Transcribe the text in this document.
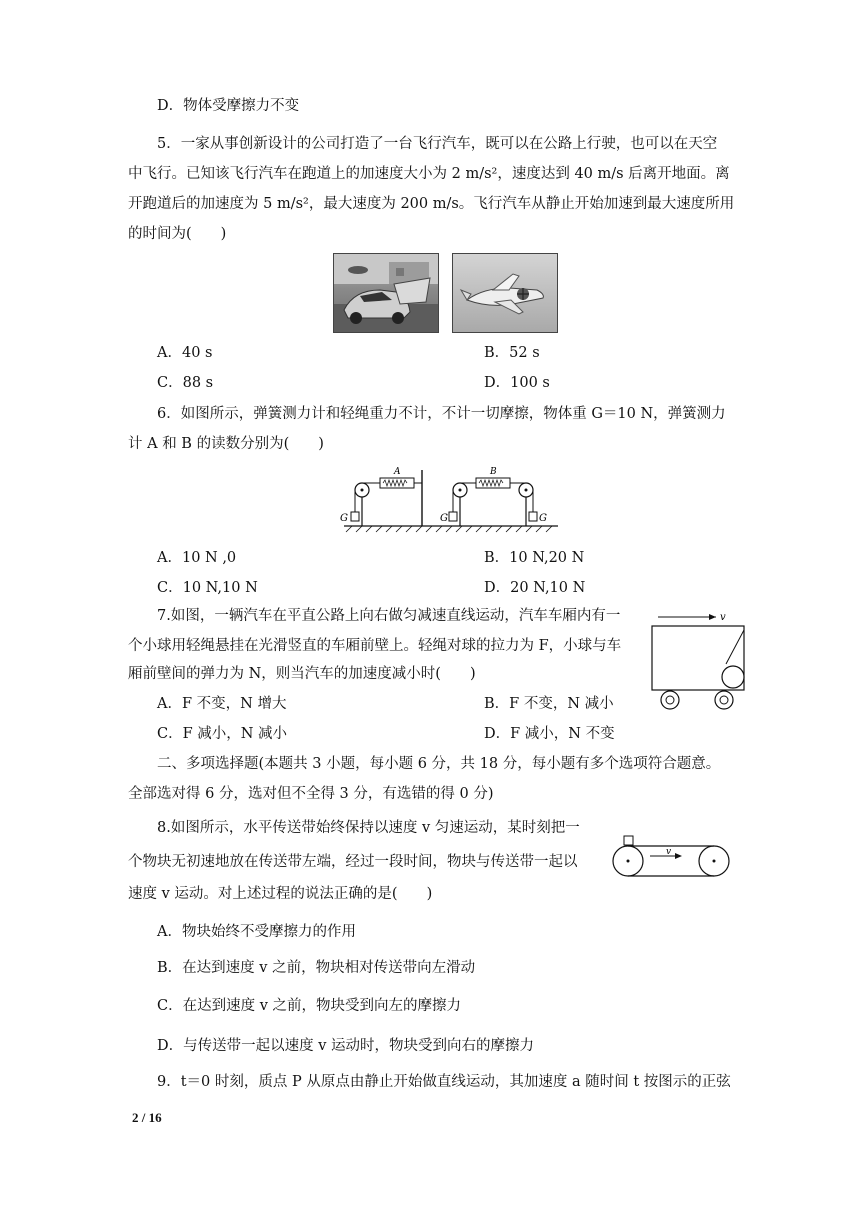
D．物体受摩擦力不变
5．一家从事创新设计的公司打造了一台飞行汽车，既可以在公路上行驶，也可以在天空
中飞行。已知该飞行汽车在跑道上的加速度大小为 2 m/s²，速度达到 40 m/s 后离开地面。离
开跑道后的加速度为 5 m/s²，最大速度为 200 m/s。飞行汽车从静止开始加速到最大速度所用
的时间为(　　)
A．40 s	B．52 s
C．88 s	D．100 s
6．如图所示，弹簧测力计和轻绳重力不计，不计一切摩擦，物体重 G＝10 N，弹簧测力
计 A 和 B 的读数分别为(　　)
G
A
G	G
B
A．10 N ,0	B．10 N,20 N
C．10 N,10 N	D．20 N,10 N
7.如图，一辆汽车在平直公路上向右做匀减速直线运动，汽车车厢内有一
个小球用轻绳悬挂在光滑竖直的车厢前壁上。轻绳对球的拉力为 F，小球与车
厢前壁间的弹力为 N，则当汽车的加速度减小时(　　)
v
A．F 不变，N 增大	B．F 不变，N 减小
C．F 减小，N 减小	D．F 减小，N 不变
二、多项选择题(本题共 3 小题，每小题 6 分，共 18 分，每小题有多个选项符合题意。
全部选对得 6 分，选对但不全得 3 分，有选错的得 0 分)
8.如图所示，水平传送带始终保持以速度 v 匀速运动，某时刻把一
个物块无初速地放在传送带左端，经过一段时间，物块与传送带一起以
速度 v 运动。对上述过程的说法正确的是(　　)
v
A．物块始终不受摩擦力的作用
B．在达到速度 v 之前，物块相对传送带向左滑动
C．在达到速度 v 之前，物块受到向左的摩擦力
D．与传送带一起以速度 v 运动时，物块受到向右的摩擦力
9．t＝0 时刻，质点 P 从原点由静止开始做直线运动，其加速度 a 随时间 t 按图示的正弦
2 / 16
